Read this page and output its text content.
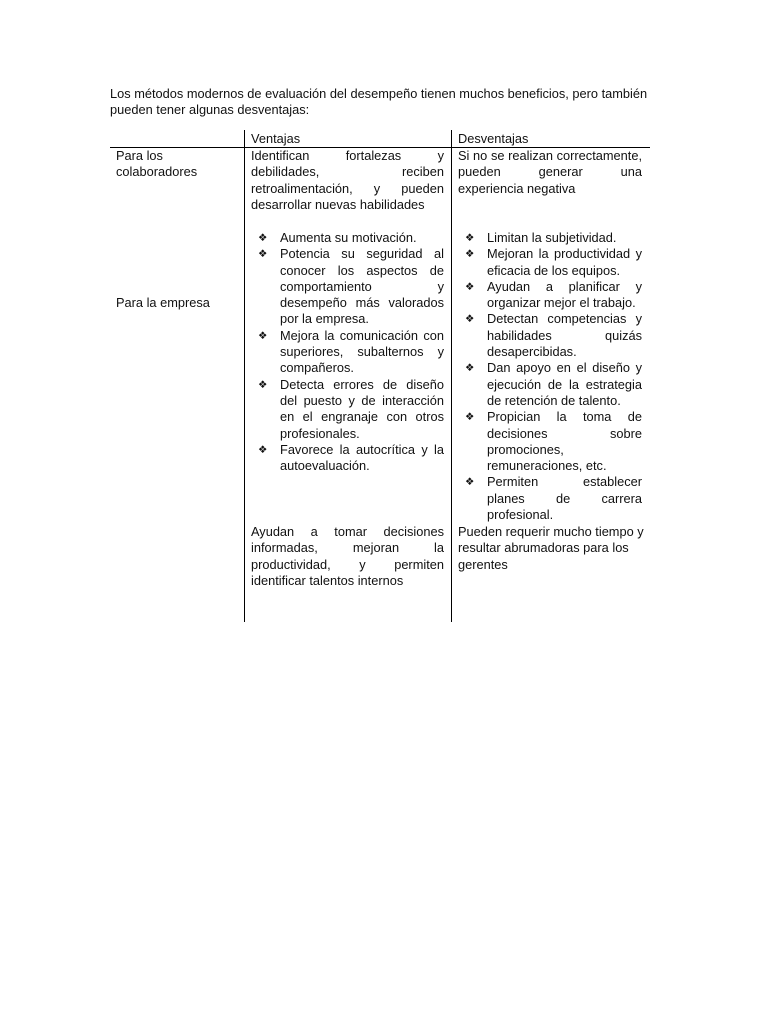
Los métodos modernos de evaluación del desempeño tienen muchos beneficios, pero también pueden tener algunas desventajas:

Ventajas	Desventajas
Para los colaboradores
Para la empresa
Identifican fortalezas y debilidades, reciben retroalimentación, y pueden
desarrollar nuevas habilidades
Si no se realizan correctamente, pueden generar una
experiencia negativa
❖ Aumenta su motivación.
❖ Potencia su seguridad al conocer los aspectos de comportamiento y desempeño más valorados por la empresa.
❖ Mejora la comunicación con superiores, subalternos y compañeros.
❖ Detecta errores de diseño del puesto y de interacción en el engranaje con otros profesionales.
❖ Favorece la autocrítica y la autoevaluación.
❖ Limitan la subjetividad.
❖ Mejoran la productividad y eficacia de los equipos.
❖ Ayudan a planificar y organizar mejor el trabajo.
❖ Detectan competencias y habilidades quizás desapercibidas.
❖ Dan apoyo en el diseño y ejecución de la estrategia de retención de talento.
❖ Propician la toma de decisiones sobre promociones, remuneraciones, etc.
❖ Permiten establecer planes de carrera profesional.
Ayudan a tomar decisiones informadas, mejoran la productividad, y permiten
identificar talentos internos
Pueden requerir mucho tiempo y resultar abrumadoras para los gerentes
